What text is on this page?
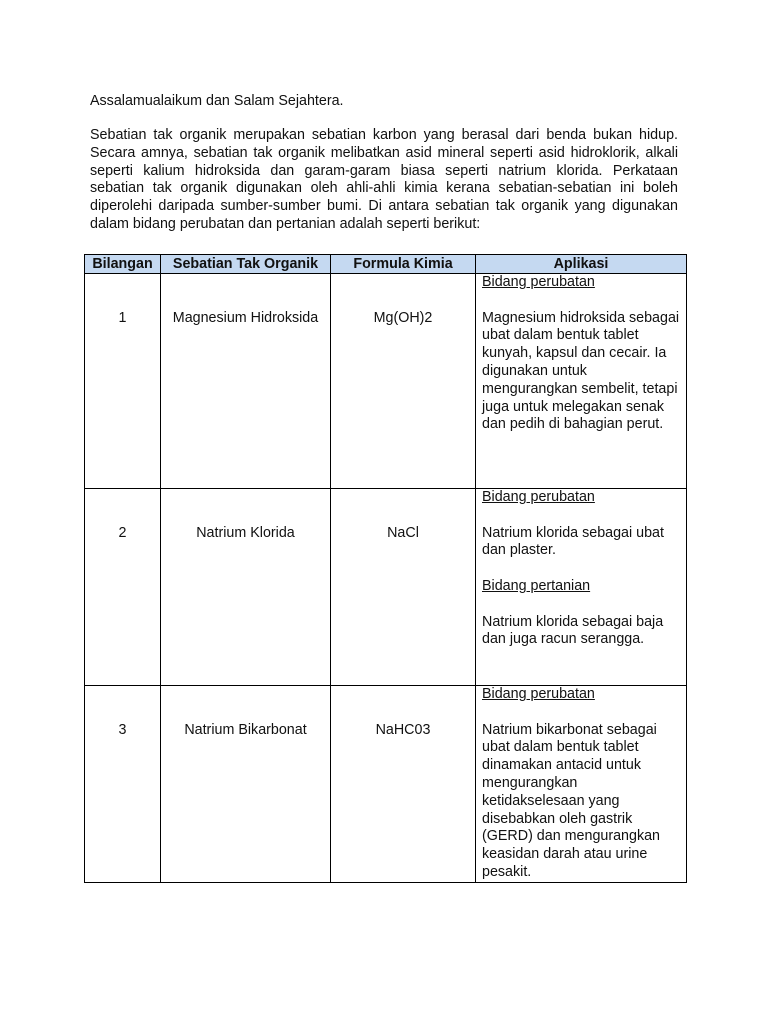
Assalamualaikum dan Salam Sejahtera.

Sebatian tak organik merupakan sebatian karbon yang berasal dari benda bukan hidup. Secara amnya, sebatian tak organik melibatkan asid mineral seperti asid hidroklorik, alkali seperti kalium hidroksida dan garam-garam biasa seperti natrium klorida. Perkataan sebatian tak organik digunakan oleh ahli-ahli kimia kerana sebatian-sebatian ini boleh diperolehi daripada sumber-sumber bumi. Di antara sebatian tak organik yang digunakan dalam bidang perubatan dan pertanian adalah seperti berikut:

Bilangan	Sebatian Tak Organik	Formula Kimia	Aplikasi

1	Magnesium Hidroksida	Mg(OH)2	Bidang perubatan
Magnesium hidroksida sebagai ubat dalam bentuk tablet kunyah, kapsul dan cecair. Ia digunakan untuk mengurangkan sembelit, tetapi juga untuk melegakan senak dan pedih di bahagian perut.

2	Natrium Klorida	NaCl	Bidang perubatan
Natrium klorida sebagai ubat dan plaster.
Bidang pertanian
Natrium klorida sebagai baja dan juga racun serangga.

3	Natrium Bikarbonat	NaHC03	Bidang perubatan
Natrium bikarbonat sebagai ubat dalam bentuk tablet dinamakan antacid untuk mengurangkan ketidakselesaan yang disebabkan oleh gastrik (GERD) dan mengurangkan keasidan darah atau urine pesakit.
